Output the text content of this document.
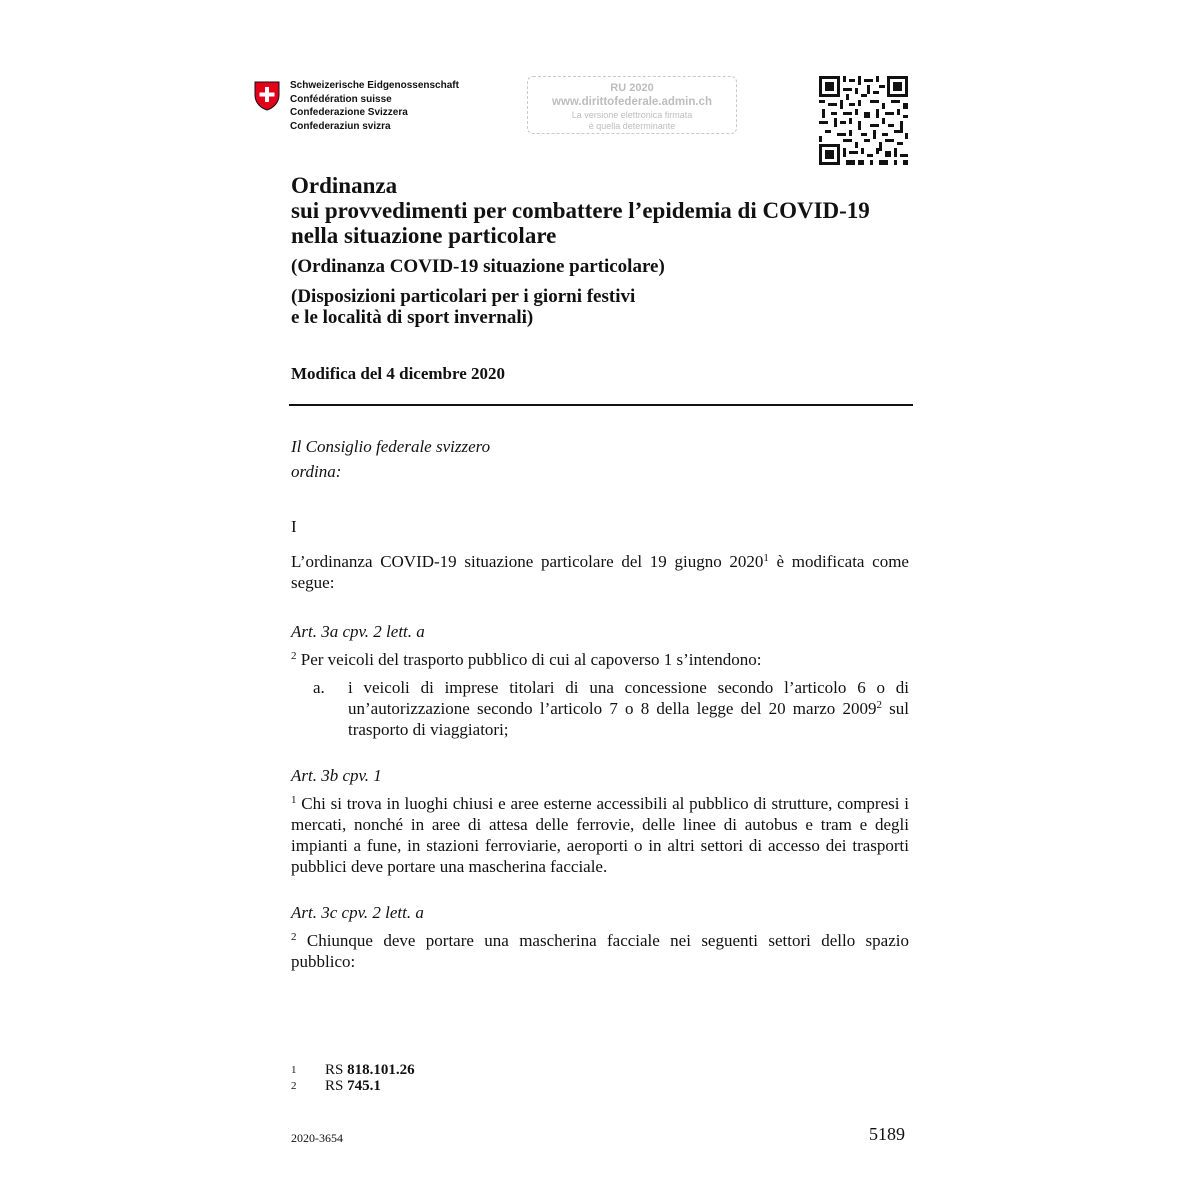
Schweizerische Eidgenossenschaft
Confédération suisse
Confederazione Svizzera
Confederaziun svizra
RU 2020
www.dirittofederale.admin.ch
La versione elettronica firmata
è quella determinante
Ordinanza
sui provvedimenti per combattere l’epidemia di COVID-19
nella situazione particolare
(Ordinanza COVID-19 situazione particolare)
(Disposizioni particolari per i giorni festivi
e le località di sport invernali)
Modifica del 4 dicembre 2020
Il Consiglio federale svizzero
ordina:
I
L’ordinanza COVID-19 situazione particolare del 19 giugno 2020$^1$ è modificata come segue:
Art. 3a cpv. 2 lett. a
$^2$ Per veicoli del trasporto pubblico di cui al capoverso 1 s’intendono:
a.	i veicoli di imprese titolari di una concessione secondo l’articolo 6 o di un’autorizzazione secondo l’articolo 7 o 8 della legge del 20 marzo 2009$^2$ sul trasporto di viaggiatori;
Art. 3b cpv. 1
$^1$ Chi si trova in luoghi chiusi e aree esterne accessibili al pubblico di strutture, compresi i mercati, nonché in aree di attesa delle ferrovie, delle linee di autobus e tram e degli impianti a fune, in stazioni ferroviarie, aeroporti o in altri settori di accesso dei trasporti pubblici deve portare una mascherina facciale.
Art. 3c cpv. 2 lett. a
$^2$ Chiunque deve portare una mascherina facciale nei seguenti settori dello spazio pubblico:
1	RS
818.101.26
2	RS
745.1
2020-3654	5189
